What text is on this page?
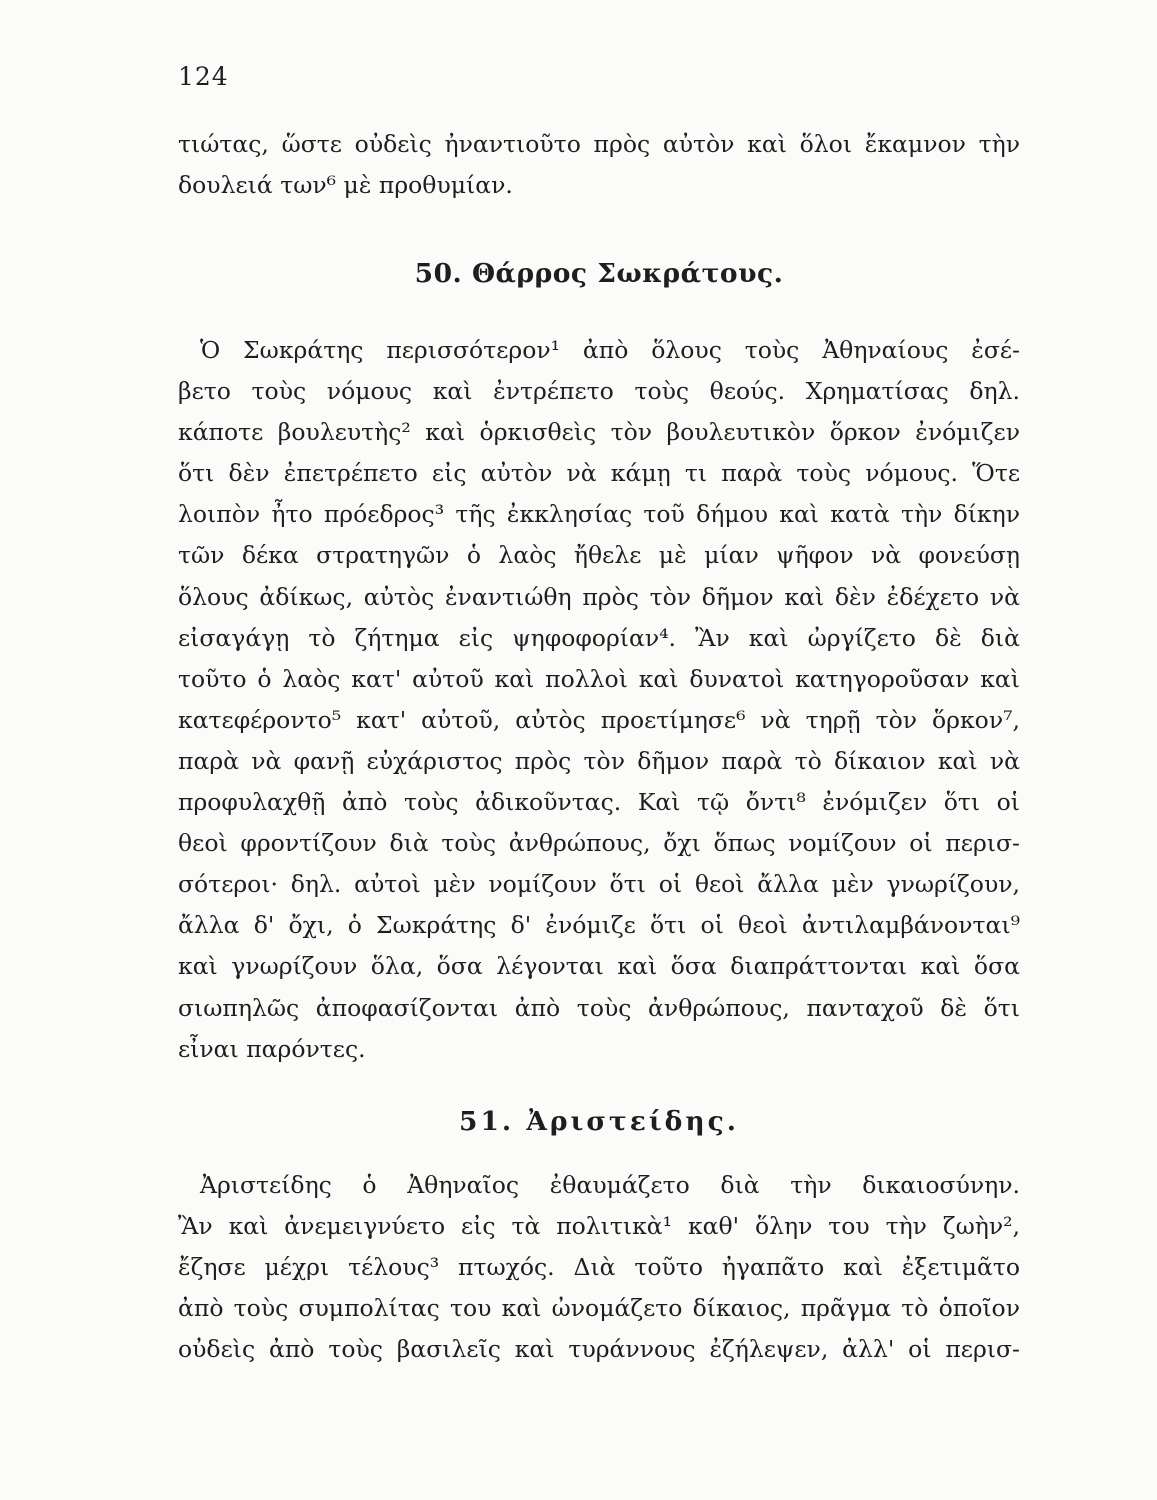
124
τιώτας, ὥστε οὐδεὶς ἠναντιοῦτο πρὸς αὐτὸν καὶ ὅλοι ἔκαμνον τὴν
δουλειά των⁶ μὲ προθυμίαν.
50. Θάρρος Σωκράτους.
Ὁ Σωκράτης περισσότερον¹ ἀπὸ ὅλους τοὺς Ἀθηναίους ἐσέ-
βετο τοὺς νόμους καὶ ἐντρέπετο τοὺς θεούς. Χρηματίσας δηλ.
κάποτε βουλευτὴς² καὶ ὁρκισθεὶς τὸν βουλευτικὸν ὅρκον ἐνόμιζεν
ὅτι δὲν ἐπετρέπετο εἰς αὐτὸν νὰ κάμῃ τι παρὰ τοὺς νόμους. Ὅτε
λοιπὸν ἦτο πρόεδρος³ τῆς ἐκκλησίας τοῦ δήμου καὶ κατὰ τὴν δίκην
τῶν δέκα στρατηγῶν ὁ λαὸς ἤθελε μὲ μίαν ψῆφον νὰ φονεύσῃ
ὅλους ἀδίκως, αὐτὸς ἐναντιώθη πρὸς τὸν δῆμον καὶ δὲν ἐδέχετο νὰ
εἰσαγάγῃ τὸ ζήτημα εἰς ψηφοφορίαν⁴. Ἂν καὶ ὠργίζετο δὲ διὰ
τοῦτο ὁ λαὸς κατ' αὐτοῦ καὶ πολλοὶ καὶ δυνατοὶ κατηγοροῦσαν καὶ
κατεφέροντο⁵ κατ' αὐτοῦ, αὐτὸς προετίμησε⁶ νὰ τηρῇ τὸν ὅρκον⁷,
παρὰ νὰ φανῇ εὐχάριστος πρὸς τὸν δῆμον παρὰ τὸ δίκαιον καὶ νὰ
προφυλαχθῇ ἀπὸ τοὺς ἀδικοῦντας. Καὶ τῷ ὄντι⁸ ἐνόμιζεν ὅτι οἱ
θεοὶ φροντίζουν διὰ τοὺς ἀνθρώπους, ὄχι ὅπως νομίζουν οἱ περισ-
σότεροι· δηλ. αὐτοὶ μὲν νομίζουν ὅτι οἱ θεοὶ ἄλλα μὲν γνωρίζουν,
ἄλλα δ' ὄχι, ὁ Σωκράτης δ' ἐνόμιζε ὅτι οἱ θεοὶ ἀντιλαμβάνονται⁹
καὶ γνωρίζουν ὅλα, ὅσα λέγονται καὶ ὅσα διαπράττονται καὶ ὅσα
σιωπηλῶς ἀποφασίζονται ἀπὸ τοὺς ἀνθρώπους, πανταχοῦ δὲ ὅτι
εἶναι παρόντες.
51. Ἀριστείδης.
Ἀριστείδης ὁ Ἀθηναῖος ἐθαυμάζετο διὰ τὴν δικαιοσύνην.
Ἂν καὶ ἀνεμειγνύετο εἰς τὰ πολιτικὰ¹ καθ' ὅλην του τὴν ζωὴν²,
ἔζησε μέχρι τέλους³ πτωχός. Διὰ τοῦτο ἠγαπᾶτο καὶ ἐξετιμᾶτο
ἀπὸ τοὺς συμπολίτας του καὶ ὠνομάζετο δίκαιος, πρᾶγμα τὸ ὁποῖον
οὐδεὶς ἀπὸ τοὺς βασιλεῖς καὶ τυράννους ἐζήλεψεν, ἀλλ' οἱ περισ-
